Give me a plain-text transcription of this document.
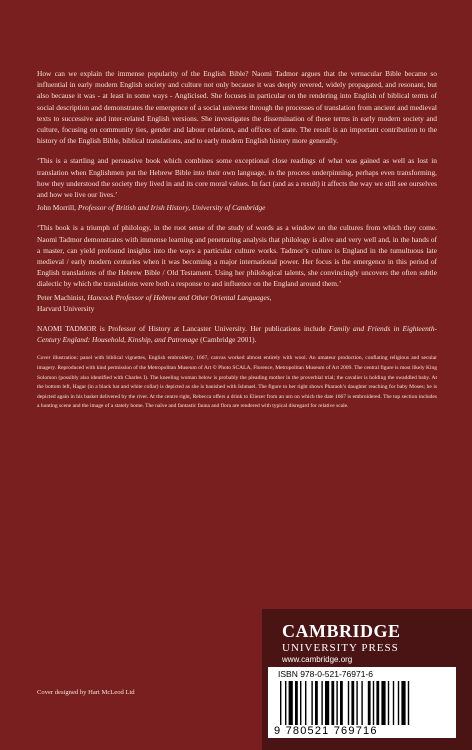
How can we explain the immense popularity of the English Bible? Naomi Tadmor argues that the vernacular Bible became so influential in early modern English society and culture not only because it was deeply revered, widely propagated, and resonant, but also because it was - at least in some ways - Anglicised. She focuses in particular on the rendering into English of biblical terms of social description and demonstrates the emergence of a social universe through the processes of translation from ancient and medieval texts to successive and inter-related English versions. She investigates the dissemination of these terms in early modern society and culture, focusing on community ties, gender and labour relations, and offices of state. The result is an important contribution to the history of the English Bible, biblical translations, and to early modern English history more generally.

‘This is a startling and persuasive book which combines some exceptional close readings of what was gained as well as lost in translation when Englishmen put the Hebrew Bible into their own language, in the process underpinning, perhaps even transforming, how they understood the society they lived in and its core moral values. In fact (and as a result) it affects the way we still see ourselves and how we live our lives.’

John Morrill, Professor of British and Irish History, University of Cambridge

‘This book is a triumph of philology, in the root sense of the study of words as a window on the cultures from which they come. Naomi Tadmor demonstrates with immense learning and penetrating analysis that philology is alive and very well and, in the hands of a master, can yield profound insights into the ways a particular culture works. Tadmor’s culture is England in the tumultuous late medieval / early modern centuries when it was becoming a major international power. Her focus is the emergence in this period of English translations of the Hebrew Bible / Old Testament. Using her philological talents, she convincingly uncovers the often subtle dialectic by which the translations were both a response to and influence on the England around them.’

Peter Machinist, Hancock Professor of Hebrew and Other Oriental Languages,
Harvard University

NAOMI TADMOR is Professor of History at Lancaster University. Her publications include Family and Friends in Eighteenth-Century England: Household, Kinship, and Patronage (Cambridge 2001).

Cover illustration: panel with biblical vignettes, English embroidery, 1667, canvas worked almost entirely with wool. An amateur production, conflating religious and secular imagery. Reproduced with kind permission of the Metropolitan Museum of Art © Photo SCALA, Florence, Metropolitan Museum of Art 2009. The central figure is most likely King Solomon (possibly also identified with Charles I). The kneeling woman below is probably the pleading mother in the proverbial trial; the cavalier is holding the swaddled baby. At the bottom left, Hagar (in a black hat and white collar) is depicted as she is banished with Ishmael. The figure to her right shows Pharaoh’s daughter reaching for baby Moses; he is depicted again in his basket delivered by the river. At the centre right, Rebecca offers a drink to Eliezer from an urn on which the date 1667 is embroidered. The top section includes a hunting scene and the image of a stately home. The naïve and fantastic fauna and flora are rendered with typical disregard for relative scale.

Cover designed by Hart McLeod Ltd
CAMBRIDGE
UNIVERSITY PRESS
www.cambridge.org
ISBN 978-0-521-76971-6
9 780521 769716
